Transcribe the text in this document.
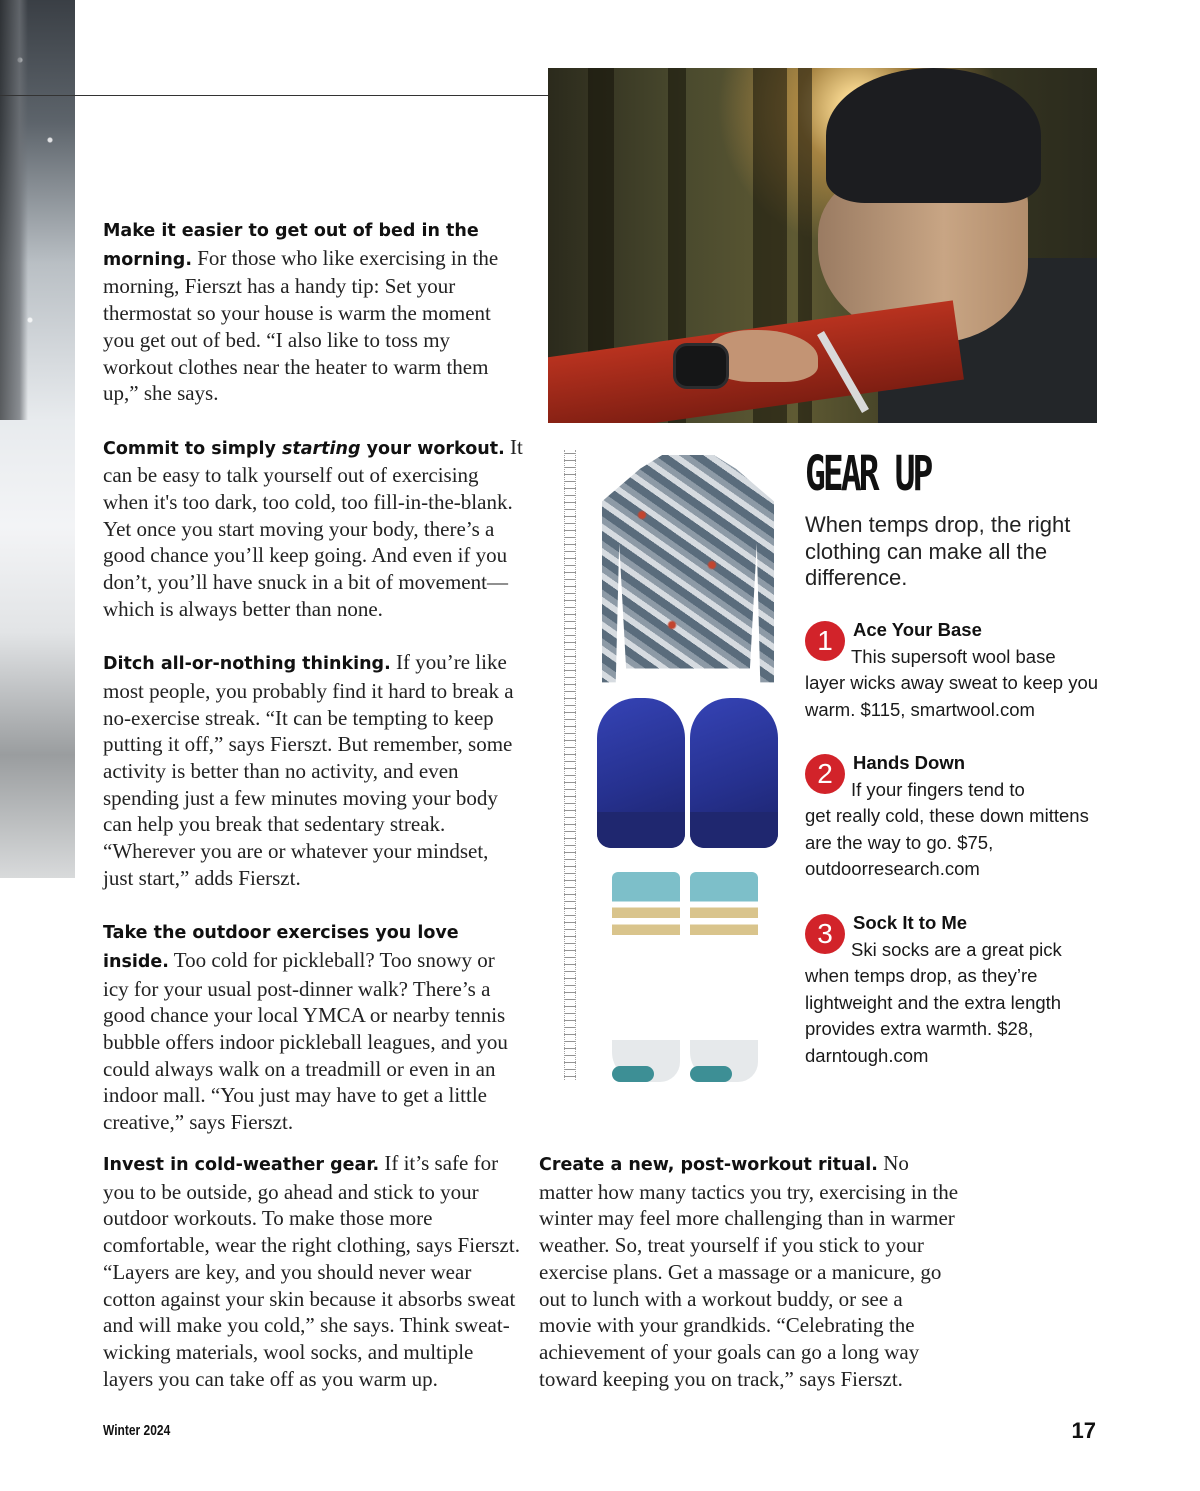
Make it easier to get out of bed in the morning. For those who like exercising in the morning, Fierszt has a handy tip: Set your thermostat so your house is warm the moment you get out of bed. “I also like to toss my workout clothes near the heater to warm them up,” she says.

Commit to simply starting your workout. It can be easy to talk yourself out of exercising when it's too dark, too cold, too fill-in-the-blank. Yet once you start moving your body, there’s a good chance you’ll keep going. And even if you don’t, you’ll have snuck in a bit of movement—which is always better than none.

Ditch all-or-nothing thinking. If you’re like most people, you probably find it hard to break a no-exercise streak. “It can be tempting to keep putting it off,” says Fierszt. But remember, some activity is better than no activity, and even spending just a few minutes moving your body can help you break that sedentary streak. “Wherever you are or whatever your mindset, just start,” adds Fierszt.

Take the outdoor exercises you love inside. Too cold for pickleball? Too snowy or icy for your usual post-dinner walk? There’s a good chance your local YMCA or nearby tennis bubble offers indoor pickleball leagues, and you could always walk on a treadmill or even in an indoor mall. “You just may have to get a little creative,” says Fierszt.

Invest in cold-weather gear. If it’s safe for you to be outside, go ahead and stick to your outdoor workouts. To make those more comfortable, wear the right clothing, says Fierszt. “Layers are key, and you should never wear cotton against your skin because it absorbs sweat and will make you cold,” she says. Think sweat-wicking materials, wool socks, and multiple layers you can take off as you warm up.

Create a new, post-workout ritual. No matter how many tactics you try, exercising in the winter may feel more challenging than in warmer weather. So, treat yourself if you stick to your exercise plans. Get a massage or a manicure, go out to lunch with a workout buddy, or see a movie with your grandkids. “Celebrating the achievement of your goals can go a long way toward keeping you on track,” says Fierszt.

GEAR UP
When temps drop, the right clothing can make all the difference.
1	Ace Your Base
This supersoft wool base
layer wicks away sweat to keep you warm. $115, smartwool.com
2	Hands Down
If your fingers tend to
get really cold, these down mittens are the way to go. $75, outdoorresearch.com
3	Sock It to Me
Ski socks are a great pick
when temps drop, as they’re lightweight and the extra length provides extra warmth. $28, darntough.com
Winter 2024	17
